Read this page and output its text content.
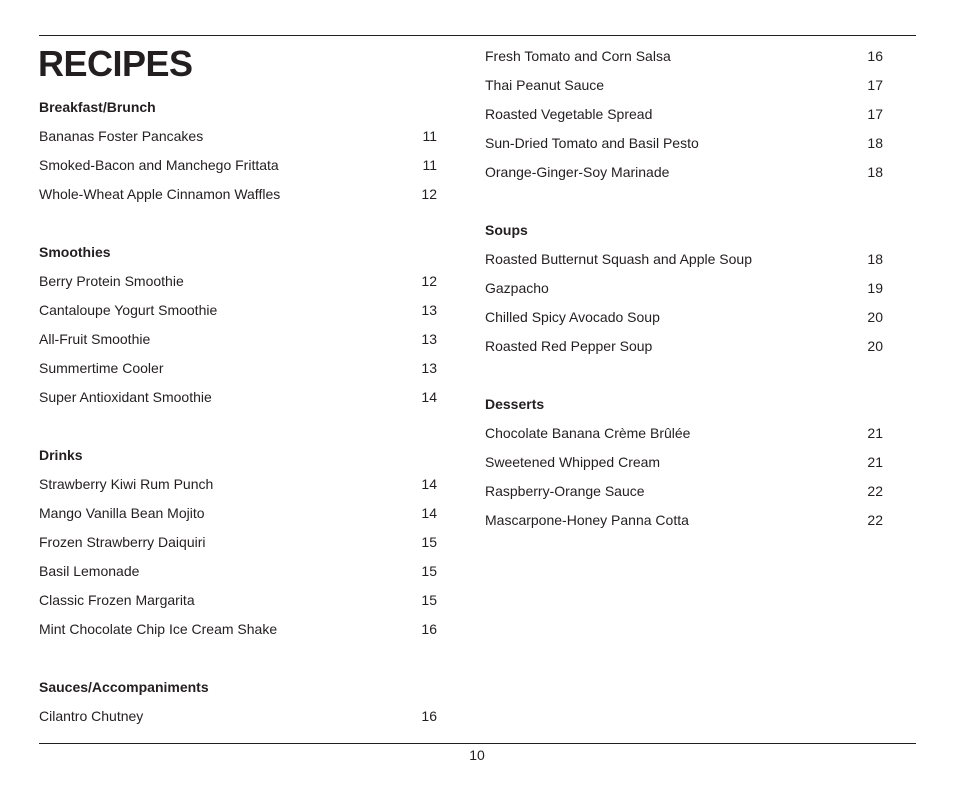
RECIPES
Breakfast/Brunch
Bananas Foster Pancakes	11
Smoked-Bacon and Manchego Frittata	11
Whole-Wheat Apple Cinnamon Waffles	12
Smoothies
Berry Protein Smoothie	12
Cantaloupe Yogurt Smoothie	13
All-Fruit Smoothie	13
Summertime Cooler	13
Super Antioxidant Smoothie	14
Drinks
Strawberry Kiwi Rum Punch	14
Mango Vanilla Bean Mojito	14
Frozen Strawberry Daiquiri	15
Basil Lemonade	15
Classic Frozen Margarita	15
Mint Chocolate Chip Ice Cream Shake	16
Sauces/Accompaniments
Cilantro Chutney	16
Fresh Tomato and Corn Salsa	16
Thai Peanut Sauce	17
Roasted Vegetable Spread	17
Sun-Dried Tomato and Basil Pesto	18
Orange-Ginger-Soy Marinade	18
Soups
Roasted Butternut Squash and Apple Soup	18
Gazpacho	19
Chilled Spicy Avocado Soup	20
Roasted Red Pepper Soup	20
Desserts
Chocolate Banana Crème Brûlée	21
Sweetened Whipped Cream	21
Raspberry-Orange Sauce	22
Mascarpone-Honey Panna Cotta	22
10
